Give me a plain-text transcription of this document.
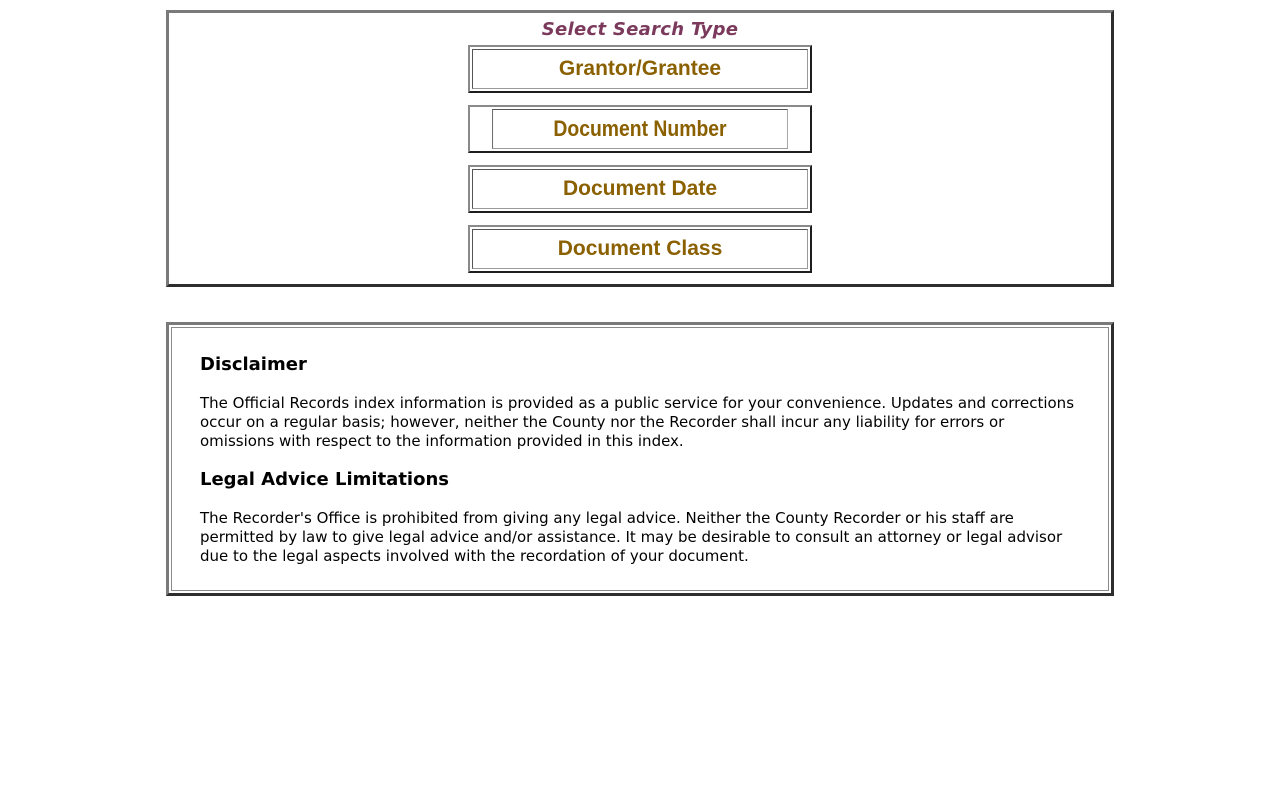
Select Search Type
Grantor/Grantee
Document Number
Document Date
Document Class
Disclaimer

The Official Records index information is provided as a public service for your convenience. Updates and corrections occur on a regular basis; however, neither the County nor the Recorder shall incur any liability for errors or omissions with respect to the information provided in this index.

Legal Advice Limitations

The Recorder's Office is prohibited from giving any legal advice. Neither the County Recorder or his staff are permitted by law to give legal advice and/or assistance. It may be desirable to consult an attorney or legal advisor due to the legal aspects involved with the recordation of your document.
